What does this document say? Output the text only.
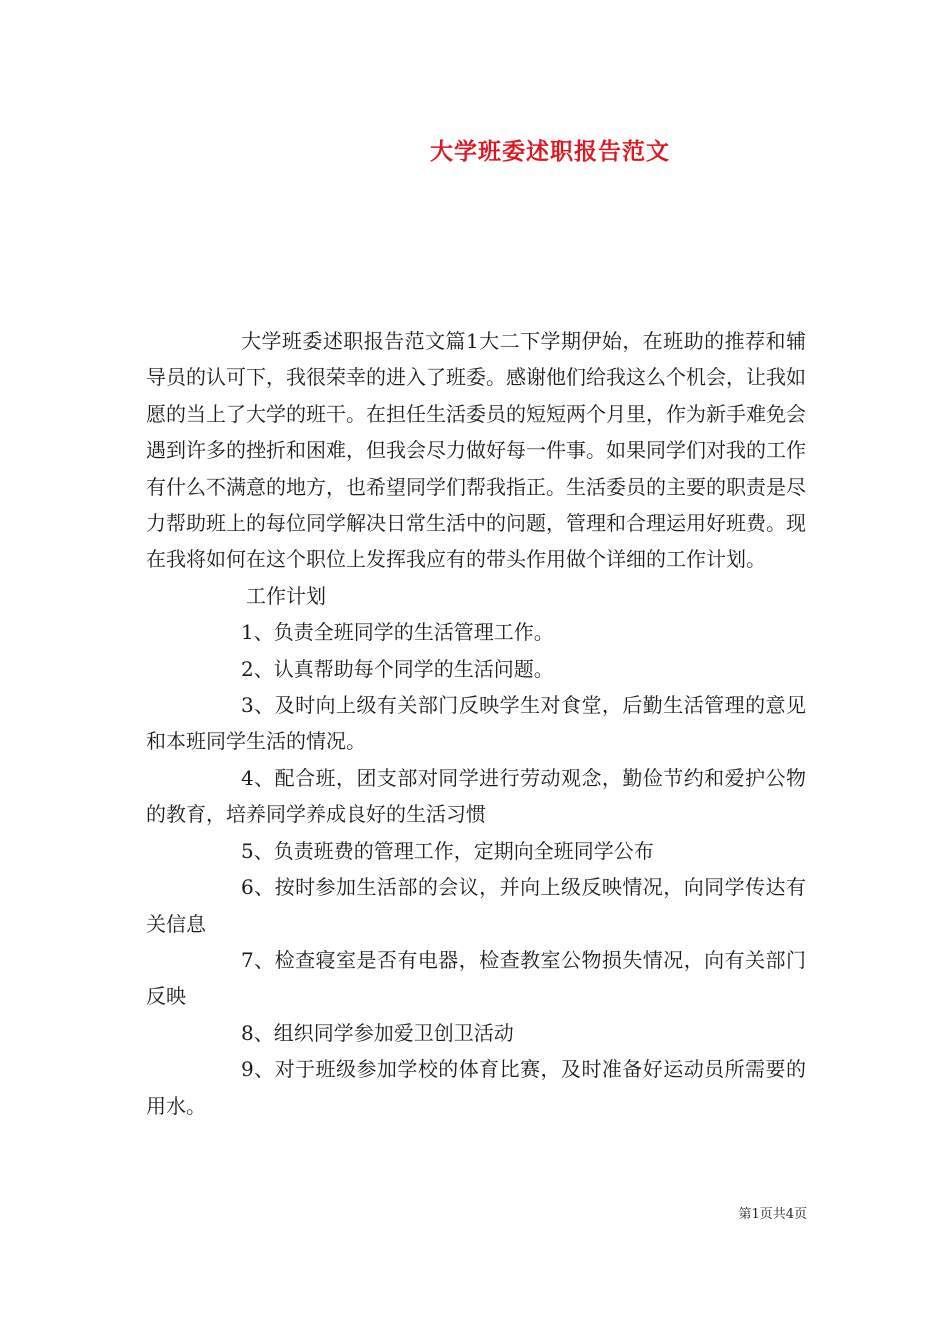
大学班委述职报告范文

大学班委述职报告范文篇1大二下学期伊始，在班助的推荐和辅导员的认可下，我很荣幸的进入了班委。感谢他们给我这么个机会，让我如愿的当上了大学的班干。在担任生活委员的短短两个月里，作为新手难免会遇到许多的挫折和困难，但我会尽力做好每一件事。如果同学们对我的工作有什么不满意的地方，也希望同学们帮我指正。生活委员的主要的职责是尽力帮助班上的每位同学解决日常生活中的问题，管理和合理运用好班费。现在我将如何在这个职位上发挥我应有的带头作用做个详细的工作计划。

工作计划

1、负责全班同学的生活管理工作。

2、认真帮助每个同学的生活问题。

3、及时向上级有关部门反映学生对食堂，后勤生活管理的意见和本班同学生活的情况。

4、配合班，团支部对同学进行劳动观念，勤俭节约和爱护公物的教育，培养同学养成良好的生活习惯

5、负责班费的管理工作，定期向全班同学公布

6、按时参加生活部的会议，并向上级反映情况，向同学传达有关信息

7、检查寝室是否有电器，检查教室公物损失情况，向有关部门反映

8、组织同学参加爱卫创卫活动

9、对于班级参加学校的体育比赛，及时准备好运动员所需要的用水。

第1页共4页
